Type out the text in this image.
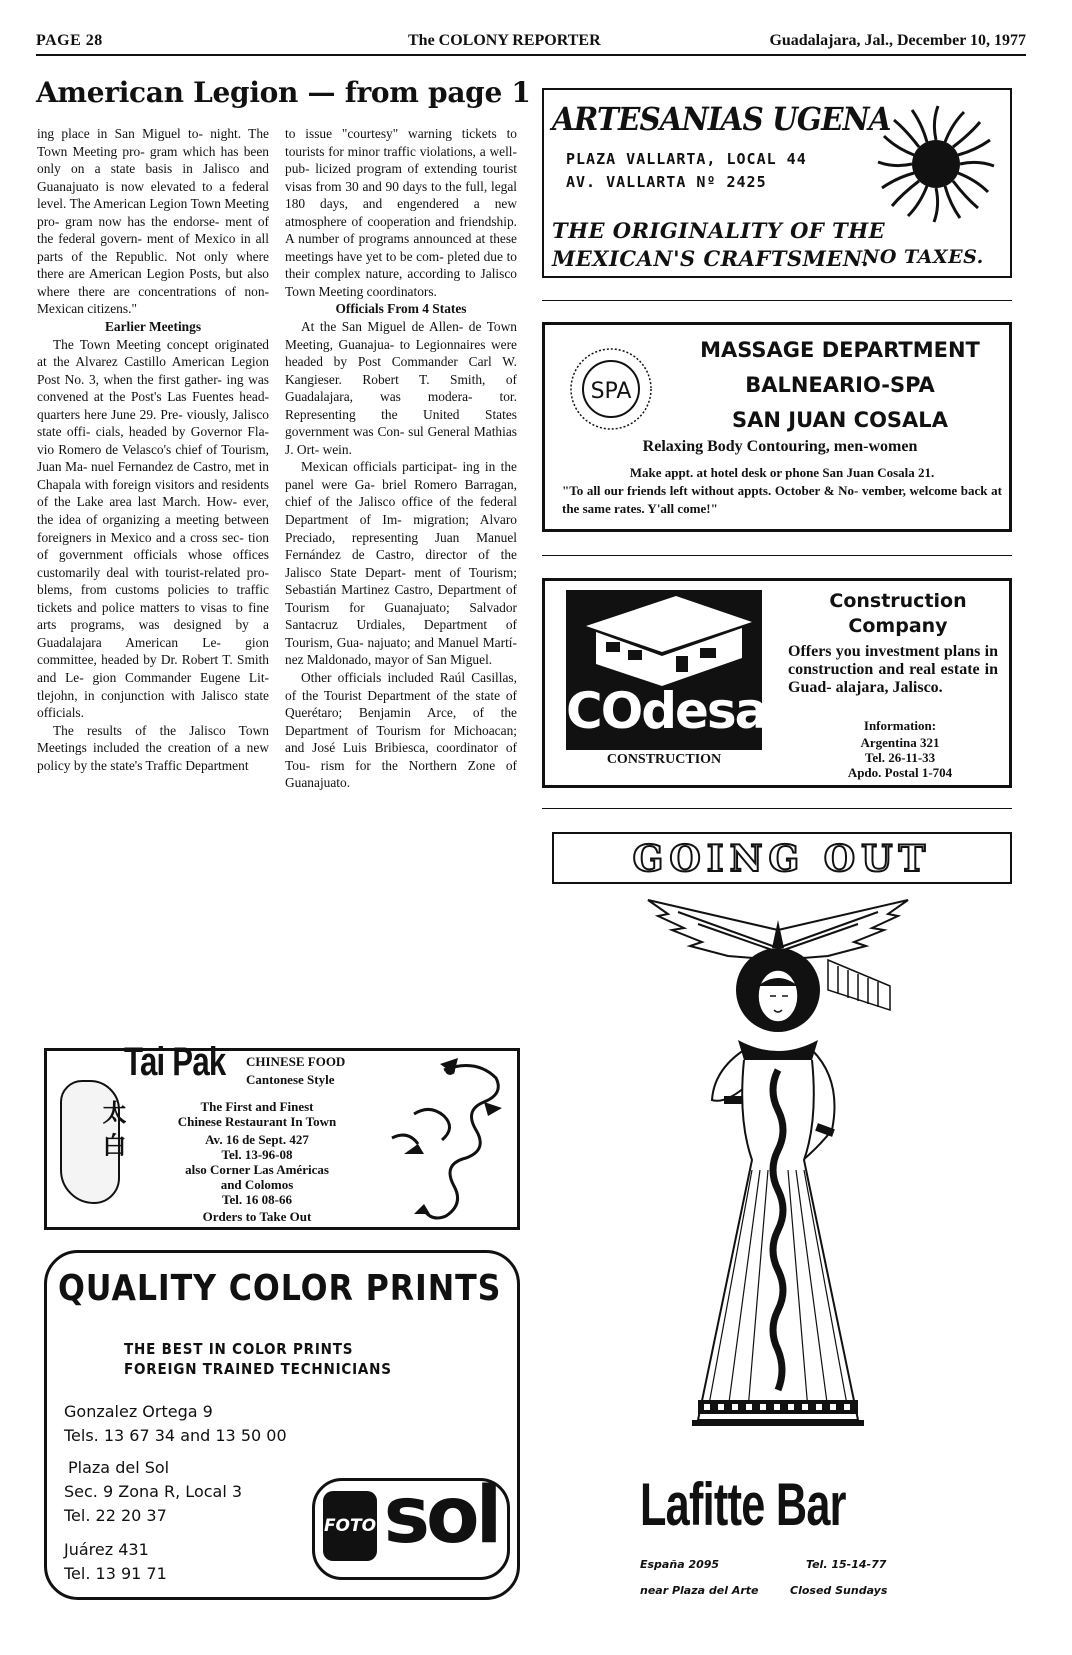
PAGE 28	The COLONY REPORTER	Guadalajara, Jal., December 10, 1977
American Legion — from page 1

ing place in San Miguel to- night. The Town Meeting pro- gram which has been only on a state basis in Jalisco and Guanajuato is now elevated to a federal level. The American Legion Town Meeting pro- gram now has the endorse- ment of the federal govern- ment of Mexico in all parts of the Republic. Not only where there are American Legion Posts, but also where there are concentrations of non- Mexican citizens."

Earlier Meetings

The Town Meeting concept originated at the Alvarez Castillo American Legion Post No. 3, when the first gather- ing was convened at the Post's Las Fuentes head- quarters here June 29. Pre- viously, Jalisco state offi- cials, headed by Governor Fla- vio Romero de Velasco's chief of Tourism, Juan Ma- nuel Fernandez de Castro, met in Chapala with foreign visitors and residents of the Lake area last March. How- ever, the idea of organizing a meeting between foreigners in Mexico and a cross sec- tion of government officials whose offices customarily deal with tourist-related pro- blems, from customs policies to traffic tickets and police matters to visas to fine arts programs, was designed by a Guadalajara American Le- gion committee, headed by Dr. Robert T. Smith and Le- gion Commander Eugene Lit- tlejohn, in conjunction with Jalisco state officials.

The results of the Jalisco Town Meetings included the creation of a new policy by the state's Traffic Department

to issue "courtesy" warning tickets to tourists for minor traffic violations, a well-pub- licized program of extending tourist visas from 30 and 90 days to the full, legal 180 days, and engendered a new atmosphere of cooperation and friendship. A number of programs announced at these meetings have yet to be com- pleted due to their complex nature, according to Jalisco Town Meeting coordinators.

Officials From 4 States

At the San Miguel de Allen- de Town Meeting, Guanajua- to Legionnaires were headed by Post Commander Carl W. Kangieser. Robert T. Smith, of Guadalajara, was modera- tor. Representing the United States government was Con- sul General Mathias J. Ort- wein.

Mexican officials participat- ing in the panel were Ga- briel Romero Barragan, chief of the Jalisco office of the federal Department of Im- migration; Alvaro Preciado, representing Juan Manuel Fernández de Castro, director of the Jalisco State Depart- ment of Tourism; Sebastián Martinez Castro, Department of Tourism for Guanajuato; Salvador Santacruz Urdiales, Department of Tourism, Gua- najuato; and Manuel Martí- nez Maldonado, mayor of San Miguel.

Other officials included Raúl Casillas, of the Tourist Department of the state of Querétaro; Benjamin Arce, of the Department of Tourism for Michoacan; and José Luis Bribiesca, coordinator of Tou- rism for the Northern Zone of Guanajuato.

ARTESANIAS UGENA
PLAZA VALLARTA, LOCAL 44
AV. VALLARTA Nº 2425
THE ORIGINALITY OF THE
MEXICAN'S CRAFTSMEN.
NO TAXES.
SPA
MASSAGE DEPARTMENT
BALNEARIO-SPA
SAN JUAN COSALA
Relaxing Body Contouring, men-women
Make appt. at hotel desk or phone San Juan Cosala 21.
"To all our friends left without appts. October & No- vember, welcome back at the same rates. Y'all come!"
COdesa
CONSTRUCTION
Construction
Company
Offers you investment plans in construction and real estate in Guad- alajara, Jalisco.
Information:
Argentina 321
Tel. 26-11-33
Apdo. Postal 1-704
太 白
Tai Pak CHINESE FOOD
Cantonese Style
The First and Finest
Chinese Restaurant In Town
Av. 16 de Sept. 427
Tel. 13-96-08
also Corner Las Américas
and Colomos
Tel. 16 08-66
Orders to Take Out
QUALITY COLOR PRINTS
THE BEST IN COLOR PRINTS
FOREIGN TRAINED TECHNICIANS
Gonzalez Ortega 9
Tels. 13 67 34 and 13 50 00
Plaza del Sol
Sec. 9 Zona R, Local 3
Tel. 22 20 37
Juárez 431
Tel. 13 91 71
FOTO sol
GOING OUT
Lafitte Bar
España 2095	Tel. 15-14-77
near Plaza del Arte	Closed Sundays
